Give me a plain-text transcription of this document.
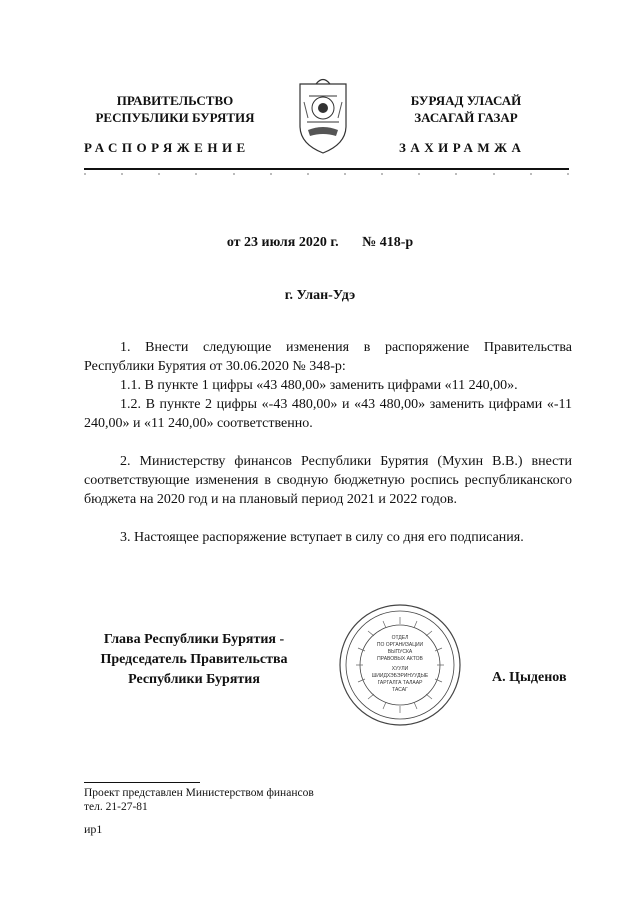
ПРАВИТЕЛЬСТВО
РЕСПУБЛИКИ БУРЯТИЯ
БУРЯАД УЛАСАЙ
ЗАСАГАЙ ГАЗАР
РАСПОРЯЖЕНИЕ	ЗАХИРАМЖА
от 23 июля 2020 г. № 418-р
г. Улан-Удэ

1. Внести следующие изменения в распоряжение Правительства Республики Бурятия от 30.06.2020 № 348-р:

1.1. В пункте 1 цифры «43 480,00» заменить цифрами «11 240,00».

1.2. В пункте 2 цифры «-43 480,00» и «43 480,00» заменить цифрами «-11 240,00» и «11 240,00» соответственно.

2. Министерству финансов Республики Бурятия (Мухин В.В.) внести соответствующие изменения в сводную бюджетную роспись республиканского бюджета на 2020 год и на плановый период 2021 и 2022 годов.

3. Настоящее распоряжение вступает в силу со дня его подписания.

Глава Республики Бурятия -
Председатель Правительства
Республики Бурятия
ОТДЕЛ
ПО ОРГАНИЗАЦИИ
ВЫПУСКА
ПРАВОВЫХ АКТОВ
ХУУЛИ
ШИИДХЭБЭРИНУУДЫЕ
ГАРГАЛГА ТАЛААР
ТАСАГ
А. Цыденов
Проект представлен Министерством финансов
тел. 21-27-81
ир1
